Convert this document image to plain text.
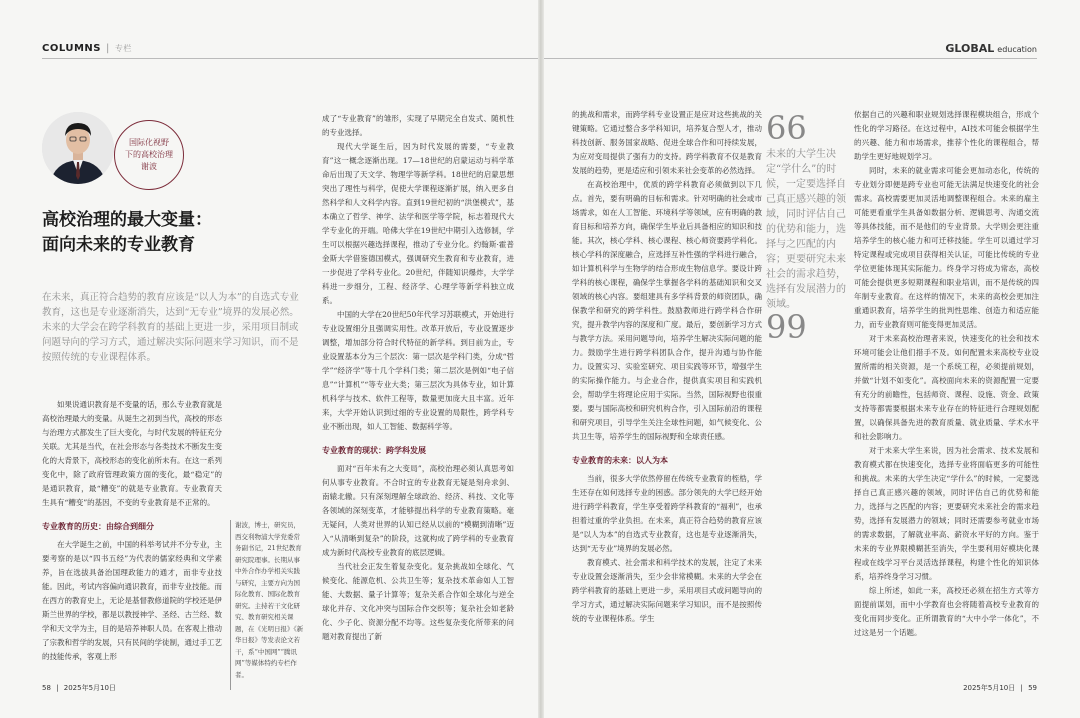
COLUMNS | 专栏
国际化视野
下的高校治理
谢波
高校治理的最大变量：
面向未来的专业教育
在未来，真正符合趋势的教育应该是“以人为本”的自选式专业教育，这也是专业逐渐消失，达到“无专业”境界的发展必然。未来的大学会在跨学科教育的基础上更进一步，采用项目制或问题导向的学习方式，通过解决实际问题来学习知识，而不是按照传统的专业课程体系。

如果说通识教育是不变量的话，那么专业教育就是高校治理最大的变量。从诞生之初到当代，高校的形态与治理方式都发生了巨大变化，与时代发展的特征充分关联。尤其是当代，在社会形态与各类技术不断发生变化的大背景下，高校形态的变化前所未有。在这一系列变化中，除了政府管理政策方面的变化，最“稳定”的是通识教育，最“糟变”的就是专业教育。专业教育天生具有“糟变”的基因，不变的专业教育是不正常的。

专业教育的历史：由综合到细分

在大学诞生之前，中国的科举考试并不分专业，主要考察的是以“四书五经”为代表的儒家经典和文学素养，旨在选拔具备治国理政能力的通才，而非专业技能。因此，考试内容偏向通识教育，而非专业技能。而在西方的教育史上，无论是基督教修道院的学校还是伊斯兰世界的学校，都是以教授神学、圣经、古兰经、数学和天文学为主，目的是培养神职人员。在客观上推动了宗教和哲学的发展，只有民间的学徒制，通过手工艺的技能传承，客观上形

谢波，博士，研究员，西交利物浦大学党委常务副书记，21世纪教育研究院理事。长期从事中外合作办学相关实践与研究，主要方向为国际化教育、国际化教育研究。主持若干文化研究、教育研究相关课题，在《光明日报》《新华日报》等发表论文若干，系“中国网”“腾讯网”等媒体特约专栏作者。

成了“专业教育”的雏形，实现了早期完全自发式、随机性的专业选择。

现代大学诞生后，因为时代发展的需要，“专业教育”这一概念逐渐出现。17—18世纪的启蒙运动与科学革命后出现了天文学、物理学等新学科。18世纪的启蒙思想突出了理性与科学，促使大学课程逐渐扩展，纳入更多自然科学和人文科学内容。直到19世纪初的“洪堡模式”，基本确立了哲学、神学、法学和医学等学院，标志着现代大学专业化的开端。哈佛大学在19世纪中期引入选修制，学生可以根据兴趣选择课程，推动了专业分化。约翰斯·霍普金斯大学借鉴德国模式，强调研究生教育和专业教育，进一步促进了学科专业化。20世纪，伴随知识爆炸，大学学科进一步细分，工程、经济学、心理学等新学科独立成系。

中国的大学在20世纪50年代学习苏联模式，开始进行专业设置细分且强调实用性。改革开放后，专业设置逐步调整，增加部分符合时代特征的新学科。到目前为止，专业设置基本分为三个层次：第一层次是学科门类，分成“哲学”“经济学”等十几个学科门类；第二层次是例如“电子信息”“计算机”“等专业大类；第三层次为具体专业，如计算机科学与技术、软件工程等，数量更加庞大且丰富。近年来，大学开始认识到过细的专业设置的局限性，跨学科专业不断出现，如人工智能、数据科学等。

专业教育的现状：跨学科发展

面对“百年未有之大变局”，高校治理必须认真思考如何从事专业教育。不合时宜的专业教育无疑是刻舟求剑、南辕北辙。只有深刻理解全球政治、经济、科技、文化等各领域的深刻变革，才能够提出科学的专业教育策略。毫无疑问，人类对世界的认知已经从以前的“模糊到清晰”迈入“从清晰到复杂”的阶段，这就构成了跨学科的专业教育成为新时代高校专业教育的底层逻辑。

当代社会正发生着复杂变化。复杂挑战如全球化、气候变化、能源危机、公共卫生等；复杂技术革命如人工智能、大数据、量子计算等；复杂关系合作如全球化与逆全球化并存、文化冲突与国际合作交织等；复杂社会如老龄化、少子化、资源分配不均等。这些复杂变化所带来的问题对教育提出了新

58 | 2025年5月10日
GLOBAL education

的挑战和需求，而跨学科专业设置正是应对这些挑战的关键策略。它通过整合多学科知识，培养复合型人才，推动科技创新、服务国家战略、促进全球合作和可持续发展，为应对变局提供了强有力的支持。跨学科教育不仅是教育发展的趋势，更是适应和引领未来社会变革的必然选择。

在高校治理中，优质的跨学科教育必须做到以下几点。首先，要有明确的目标和需求。针对明确的社会或市场需求，如在人工智能、环境科学等领域，应有明确的教育目标和培养方向，确保学生毕业后具备相应的知识和技能。其次，核心学科、核心课程、核心师资要跨学科化。核心学科的深度融合，应选择互补性强的学科进行融合，如计算机科学与生物学的结合形成生物信息学。要设计跨学科的核心课程，确保学生掌握各学科的基础知识和交叉领域的核心内容。要组建具有多学科背景的师资团队，确保教学和研究的跨学科性。鼓励教师进行跨学科合作研究，提升教学内容的深度和广度。最后，要创新学习方式与教学方法。采用问题导向，培养学生解决实际问题的能力。鼓励学生进行跨学科团队合作，提升沟通与协作能力。设置实习、实验室研究、项目实践等环节，增强学生的实际操作能力。与企业合作，提供真实项目和实践机会，帮助学生将理论应用于实际。当然，国际视野也很重要。要与国际高校和研究机构合作，引入国际前沿的课程和研究项目，引导学生关注全球性问题，如气候变化、公共卫生等，培养学生的国际视野和全球责任感。

专业教育的未来：以人为本

当前，很多大学依然停留在传统专业教育的桎梏，学生还存在如何选择专业的困惑。部分领先的大学已经开始进行跨学科教育，学生享受着跨学科教育的“福利”，也承担着过重的学业负担。在未来，真正符合趋势的教育应该是“以人为本”的自选式专业教育，这也是专业逐渐消失，达到“无专业”境界的发展必然。

教育模式、社会需求和科学技术的发展，注定了未来专业设置会逐渐消失，至少会非常模糊。未来的大学会在跨学科教育的基础上更进一步，采用项目式或问题导向的学习方式，通过解决实际问题来学习知识，而不是按照传统的专业课程体系。学生

66
未来的大学生决定“学什么”的时候，一定要选择自己真正感兴趣的领域，同时评估自己的优势和能力，选择与之匹配的内容；更要研究未来社会的需求趋势，选择有发展潜力的领域。
99

依据自己的兴趣和职业规划选择课程模块组合，形成个性化的学习路径。在这过程中，AI技术可能会根据学生的兴趣、能力和市场需求，推荐个性化的课程组合，帮助学生更好地规划学习。

同时，未来的就业需求可能会更加动态化，传统的专业划分即便是跨专业也可能无法满足快速变化的社会需求。高校需要更加灵活地调整课程组合。未来的雇主可能更看重学生具备如数据分析、逻辑思考、沟通交流等具体技能，而不是他们的专业背景。大学则会更注重培养学生的核心能力和可迁移技能。学生可以通过学习特定课程或完成项目获得相关认证，可能比传统的专业学位更能体现其实际能力。终身学习将成为常态，高校可能会提供更多短期课程和职业培训，而不是传统的四年制专业教育。在这样的情况下，未来的高校会更加注重通识教育，培养学生的批判性思维、创造力和适应能力，而专业教育则可能变得更加灵活。

对于未来高校治理者来说，快速变化的社会和技术环境可能会让他们措手不及。如何配置未来高校专业设置所需的相关资源，是一个系统工程，必须提前规划，并做“计划不如变化”。高校面向未来的资源配置一定要有充分的前瞻性，包括师资、课程、设施、资金、政策支持等都需要根据未来专业存在的特征进行合理规划配置，以确保具备先进的教育质量、就业质量、学术水平和社会影响力。

对于未来大学生来说，因为社会需求、技术发展和教育模式都在快速变化，选择专业将面临更多的可能性和挑战。未来的大学生决定“学什么”的时候，一定要选择自己真正感兴趣的领域，同时评估自己的优势和能力，选择与之匹配的内容；更要研究未来社会的需求趋势，选择有发展潜力的领域；同时还需要参考就业市场的需求数据，了解就业率高、薪资水平好的方向。鉴于未来的专业界限模糊甚至消失，学生要利用好模块化课程或在线学习平台灵活选择课程，构建个性化的知识体系，培养终身学习习惯。

综上所述，如此一来，高校还必须在招生方式等方面提前谋划，而中小学教育也会将随着高校专业教育的变化而同步变化。正所谓教育的“大中小学一体化”，不过这是另一个话题。

2025年5月10日 | 59
